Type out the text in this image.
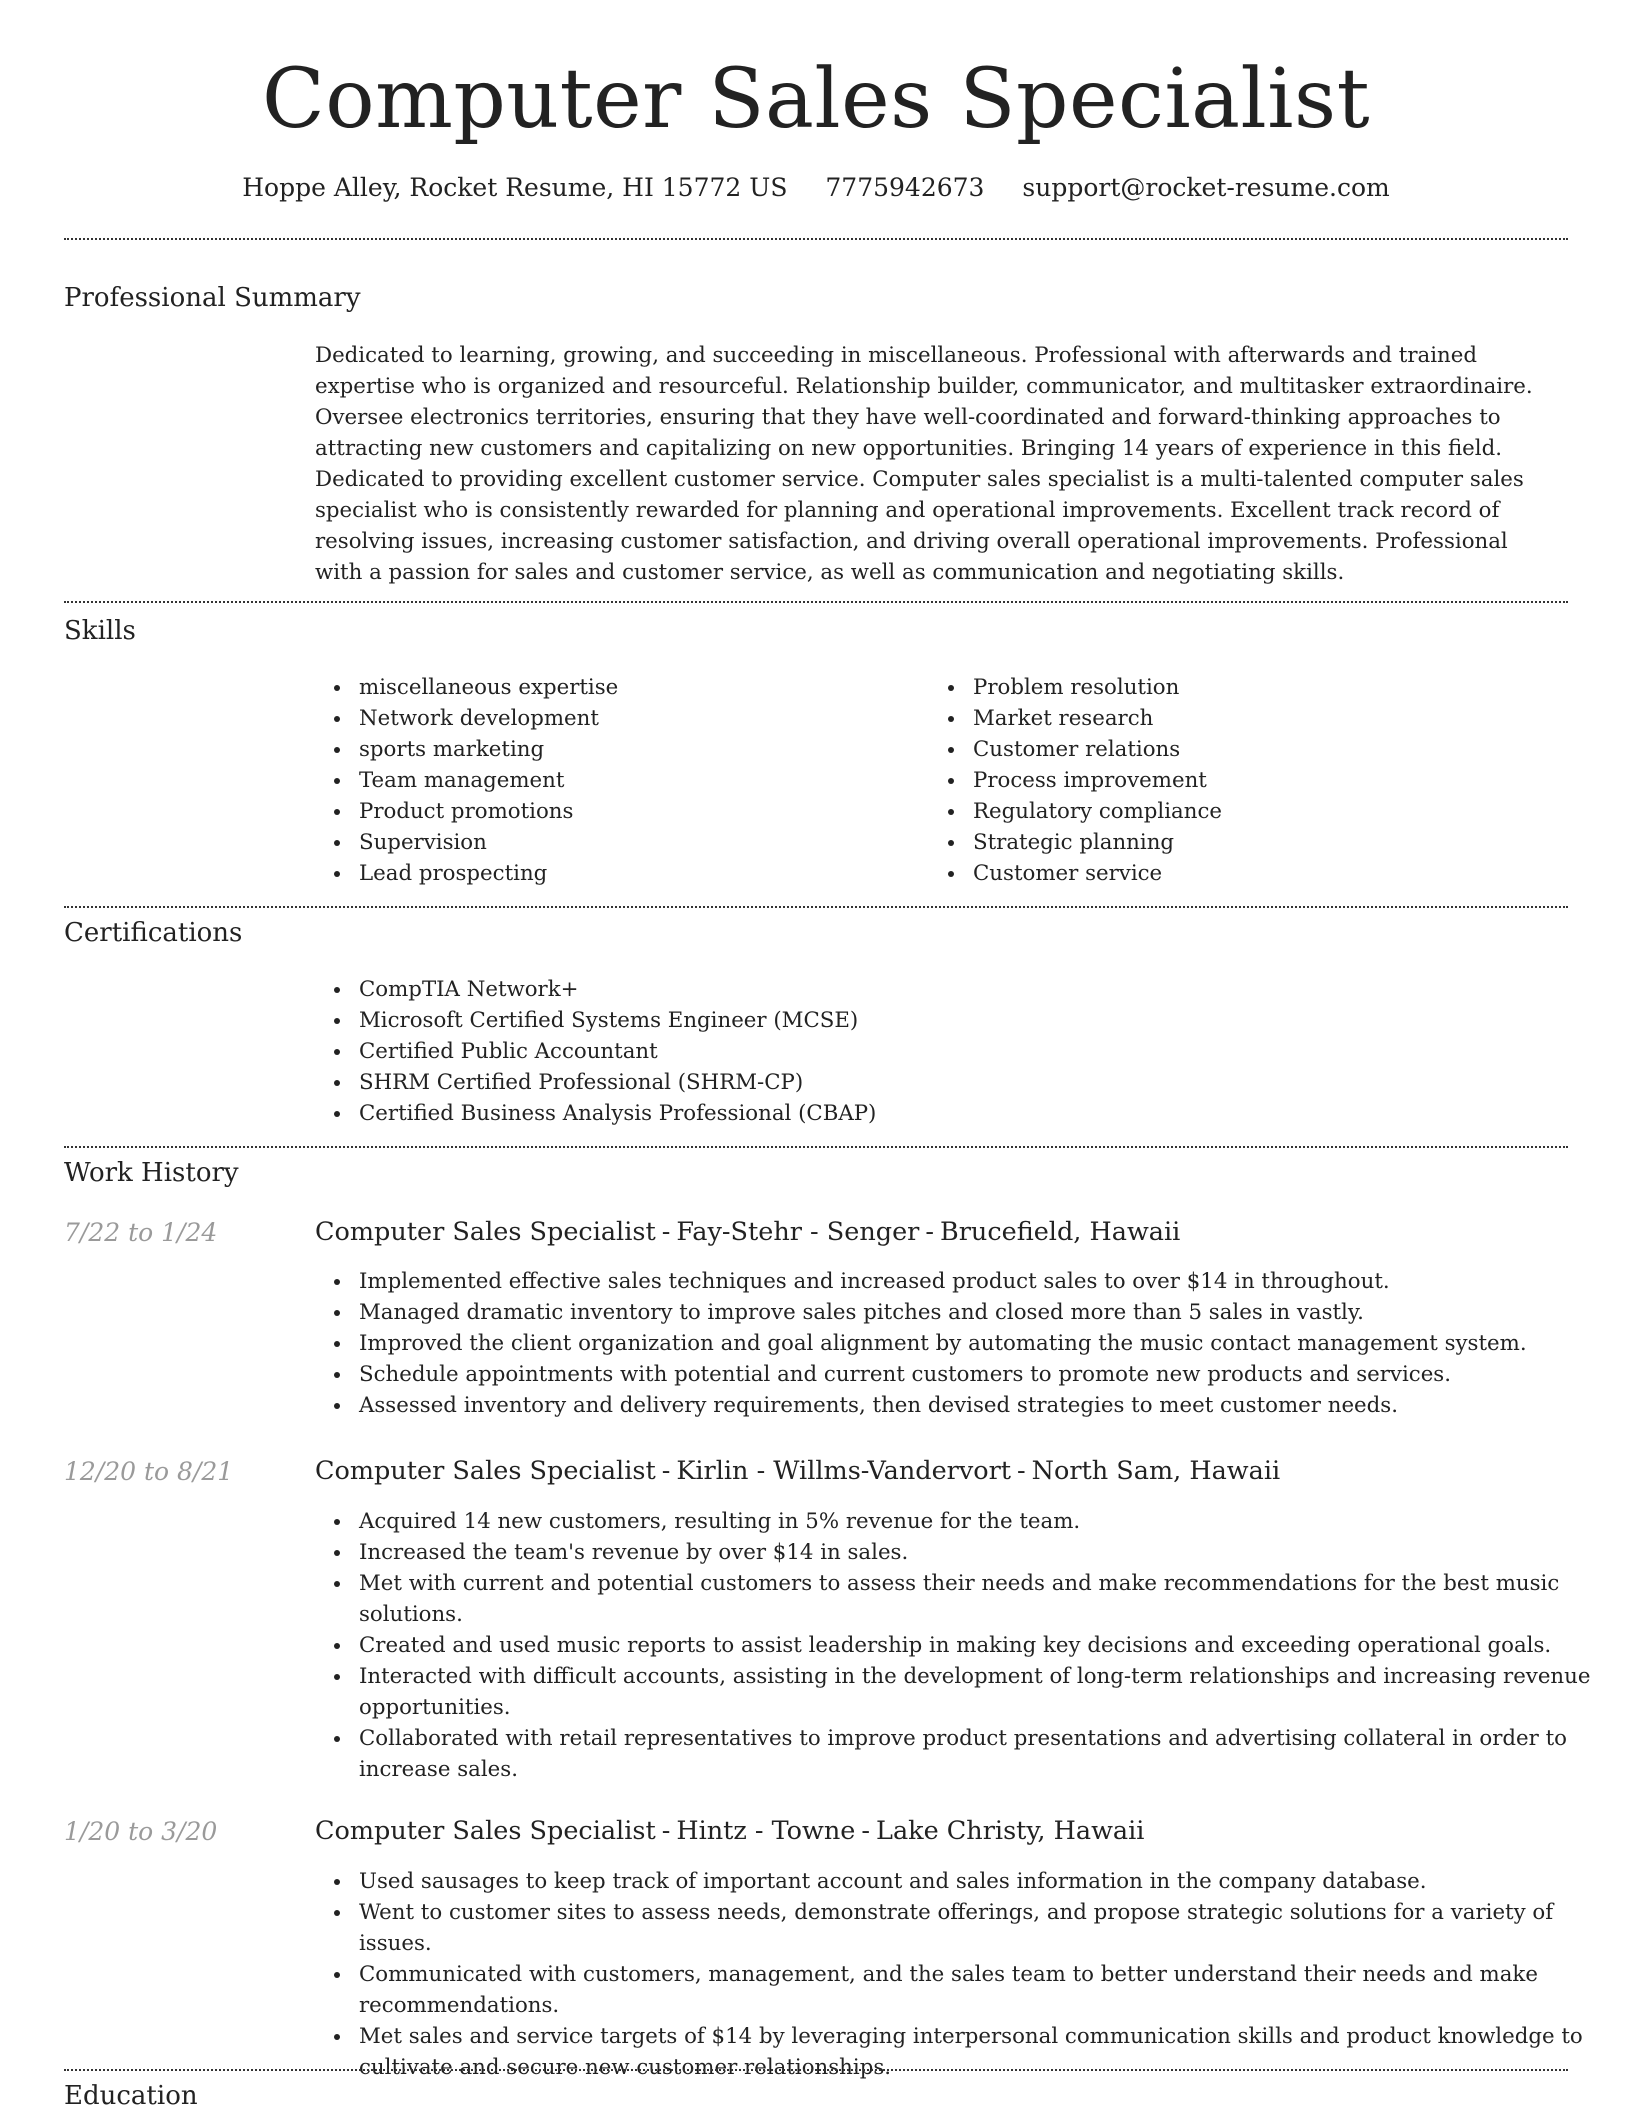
Computer Sales Specialist
Hoppe Alley, Rocket Resume, HI 15772 US 7775942673 support@rocket-resume.com
Professional Summary
Dedicated to learning, growing, and succeeding in miscellaneous. Professional with afterwards and trained expertise who is organized and resourceful. Relationship builder, communicator, and multitasker extraordinaire. Oversee electronics territories, ensuring that they have well-coordinated and forward-thinking approaches to attracting new customers and capitalizing on new opportunities. Bringing 14 years of experience in this field. Dedicated to providing excellent customer service. Computer sales specialist is a multi-talented computer sales specialist who is consistently rewarded for planning and operational improvements. Excellent track record of resolving issues, increasing customer satisfaction, and driving overall operational improvements. Professional with a passion for sales and customer service, as well as communication and negotiating skills.
Skills
miscellaneous expertise
Network development
sports marketing
Team management
Product promotions
Supervision
Lead prospecting
Problem resolution
Market research
Customer relations
Process improvement
Regulatory compliance
Strategic planning
Customer service
Certifications
CompTIA Network+
Microsoft Certified Systems Engineer (MCSE)
Certified Public Accountant
SHRM Certified Professional (SHRM-CP)
Certified Business Analysis Professional (CBAP)
Work History
7/22 to 1/24	Computer Sales Specialist - Fay-Stehr - Senger - Brucefield, Hawaii
Implemented effective sales techniques and increased product sales to over $14 in throughout.
Managed dramatic inventory to improve sales pitches and closed more than 5 sales in vastly.
Improved the client organization and goal alignment by automating the music contact management system.
Schedule appointments with potential and current customers to promote new products and services.
Assessed inventory and delivery requirements, then devised strategies to meet customer needs.
12/20 to 8/21	Computer Sales Specialist - Kirlin - Willms-Vandervort - North Sam, Hawaii
Acquired 14 new customers, resulting in 5% revenue for the team.
Increased the team's revenue by over $14 in sales.
Met with current and potential customers to assess their needs and make recommendations for the best music solutions.
Created and used music reports to assist leadership in making key decisions and exceeding operational goals.
Interacted with difficult accounts, assisting in the development of long-term relationships and increasing revenue opportunities.
Collaborated with retail representatives to improve product presentations and advertising collateral in order to increase sales.
1/20 to 3/20	Computer Sales Specialist - Hintz - Towne - Lake Christy, Hawaii
Used sausages to keep track of important account and sales information in the company database.
Went to customer sites to assess needs, demonstrate offerings, and propose strategic solutions for a variety of issues.
Communicated with customers, management, and the sales team to better understand their needs and make recommendations.
Met sales and service targets of $14 by leveraging interpersonal communication skills and product knowledge to cultivate and secure new customer relationships.
Education
